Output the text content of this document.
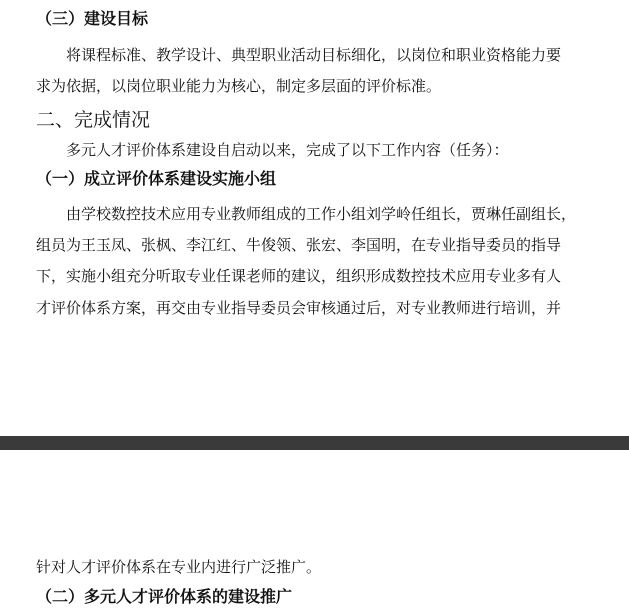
（三）建设目标
将课程标准、教学设计、典型职业活动目标细化，以岗位和职业资格能力要
求为依据，以岗位职业能力为核心，制定多层面的评价标准。
二、完成情况
多元人才评价体系建设自启动以来，完成了以下工作内容（任务）：
（一）成立评价体系建设实施小组
由学校数控技术应用专业教师组成的工作小组刘学岭任组长，贾琳任副组长，
组员为王玉凤、张枫、李江红、牛俊领、张宏、李国明，在专业指导委员的指导
下，实施小组充分听取专业任课老师的建议，组织形成数控技术应用专业多有人
才评价体系方案，再交由专业指导委员会审核通过后，对专业教师进行培训，并
针对人才评价体系在专业内进行广泛推广。
（二）多元人才评价体系的建设推广
